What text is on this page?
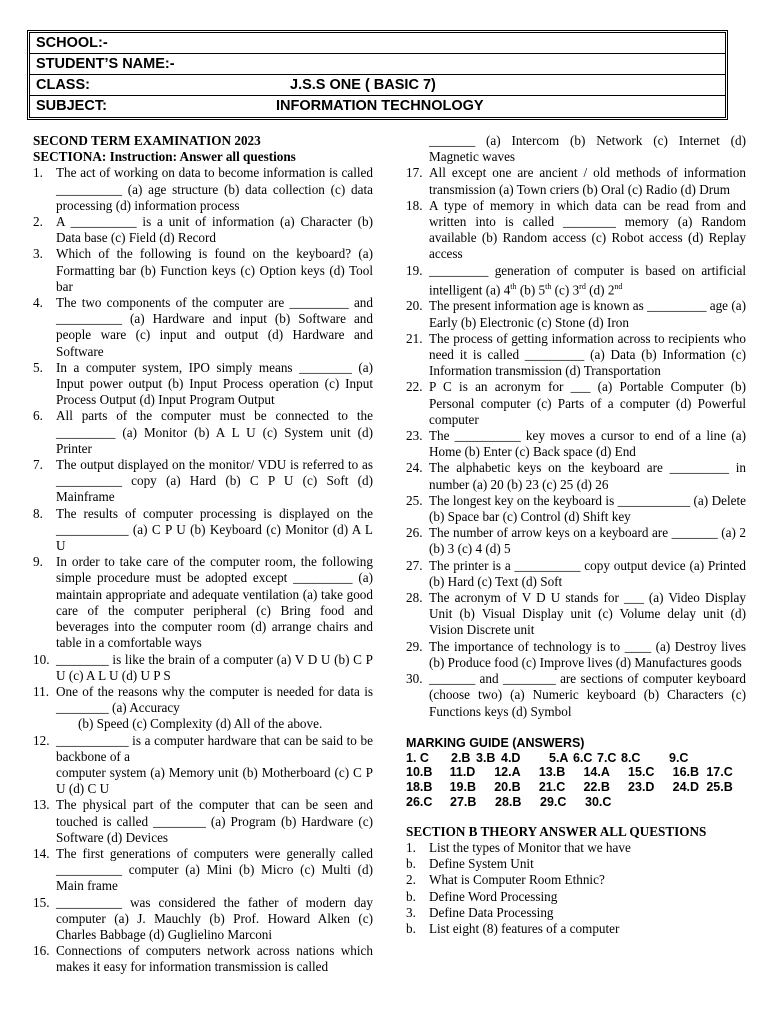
SCHOOL:-
STUDENT’S NAME:-
CLASS:	J.S.S ONE ( BASIC 7)
SUBJECT:	INFORMATION TECHNOLOGY
SECOND TERM EXAMINATION 2023
SECTIONA: Instruction: Answer all questions
1. The act of working on data to become information is called __________ (a) age structure (b) data collection (c) data processing (d) information process
2. A __________ is a unit of information (a) Character (b) Data base (c) Field (d) Record
3. Which of the following is found on the keyboard? (a) Formatting bar (b) Function keys (c) Option keys (d) Tool bar
4. The two components of the computer are _________ and __________ (a) Hardware and input (b) Software and people ware (c) input and output (d) Hardware and Software
5. In a computer system, IPO simply means ________ (a) Input power output (b) Input Process operation (c) Input Process Output (d) Input Program Output
6. All parts of the computer must be connected to the _________ (a) Monitor (b) A L U (c) System unit (d) Printer
7. The output displayed on the monitor/ VDU is referred to as __________ copy (a) Hard (b) C P U (c) Soft (d) Mainframe
8. The results of computer processing is displayed on the ___________ (a) C P U (b) Keyboard (c) Monitor (d) A L U
9. In order to take care of the computer room, the following simple procedure must be adopted except _________ (a) maintain appropriate and adequate ventilation (a) take good care of the computer peripheral (c) Bring food and beverages into the computer room (d) arrange chairs and table in a comfortable ways
10. ________ is like the brain of a computer (a) V D U (b) C P U (c) A L U (d) U P S
11. One of the reasons why the computer is needed for data is ________ (a) Accuracy
(b) Speed (c) Complexity (d) All of the above.
12. ___________ is a computer hardware that can be said to be backbone of a
computer system (a) Memory unit (b) Motherboard (c) C P U (d) C U
13. The physical part of the computer that can be seen and touched is called ________ (a) Program (b) Hardware (c) Software (d) Devices
14. The first generations of computers were generally called __________ computer (a) Mini (b) Micro (c) Multi (d) Main frame
15. __________ was considered the father of modern day computer (a) J. Mauchly (b) Prof. Howard Alken (c) Charles Babbage (d) Guglielino Marconi
16. Connections of computers network across nations which makes it easy for information transmission is called
_______ (a) Intercom (b) Network (c) Internet (d) Magnetic waves
17. All except one are ancient / old methods of information transmission (a) Town criers (b) Oral (c) Radio (d) Drum
18. A type of memory in which data can be read from and written into is called ________ memory (a) Random available (b) Random access (c) Robot access (d) Replay access
19. _________ generation of computer is based on artificial intelligent (a) 4th (b) 5th (c) 3rd (d) 2nd
20. The present information age is known as _________ age (a) Early (b) Electronic (c) Stone (d) Iron
21. The process of getting information across to recipients who need it is called _________ (a) Data (b) Information (c) Information transmission (d) Transportation
22. P C is an acronym for ___ (a) Portable Computer (b) Personal computer (c) Parts of a computer (d) Powerful computer
23. The __________ key moves a cursor to end of a line (a) Home (b) Enter (c) Back space (d) End
24. The alphabetic keys on the keyboard are _________ in number (a) 20 (b) 23 (c) 25 (d) 26
25. The longest key on the keyboard is ___________ (a) Delete (b) Space bar (c) Control (d) Shift key
26. The number of arrow keys on a keyboard are _______ (a) 2 (b) 3 (c) 4 (d) 5
27. The printer is a __________ copy output device (a) Printed (b) Hard (c) Text (d) Soft
28. The acronym of V D U stands for ___ (a) Video Display Unit (b) Visual Display unit (c) Volume delay unit (d) Vision Discrete unit
29. The importance of technology is to ____ (a) Destroy lives (b) Produce food (c) Improve lives (d) Manufactures goods
30. _______ and ________ are sections of computer keyboard (choose two) (a) Numeric keyboard (b) Characters (c) Functions keys (d) Symbol
MARKING GUIDE (ANSWERS)
1. C	2.B 3.B 4.D	5.A 6.C 7.C 8.C	9.C
10.B	11.D	12.A	13.B	14.A	15.C	16.B 17.C
18.B	19.B	20.B	21.C	22.B	23.D	24.D 25.B
26.C	27.B	28.B	29.C	30.C
SECTION B THEORY ANSWER ALL QUESTIONS
1. List the types of Monitor that we have
b. Define System Unit
2. What is Computer Room Ethnic?
b. Define Word Processing
3. Define Data Processing
b. List eight (8) features of a computer
